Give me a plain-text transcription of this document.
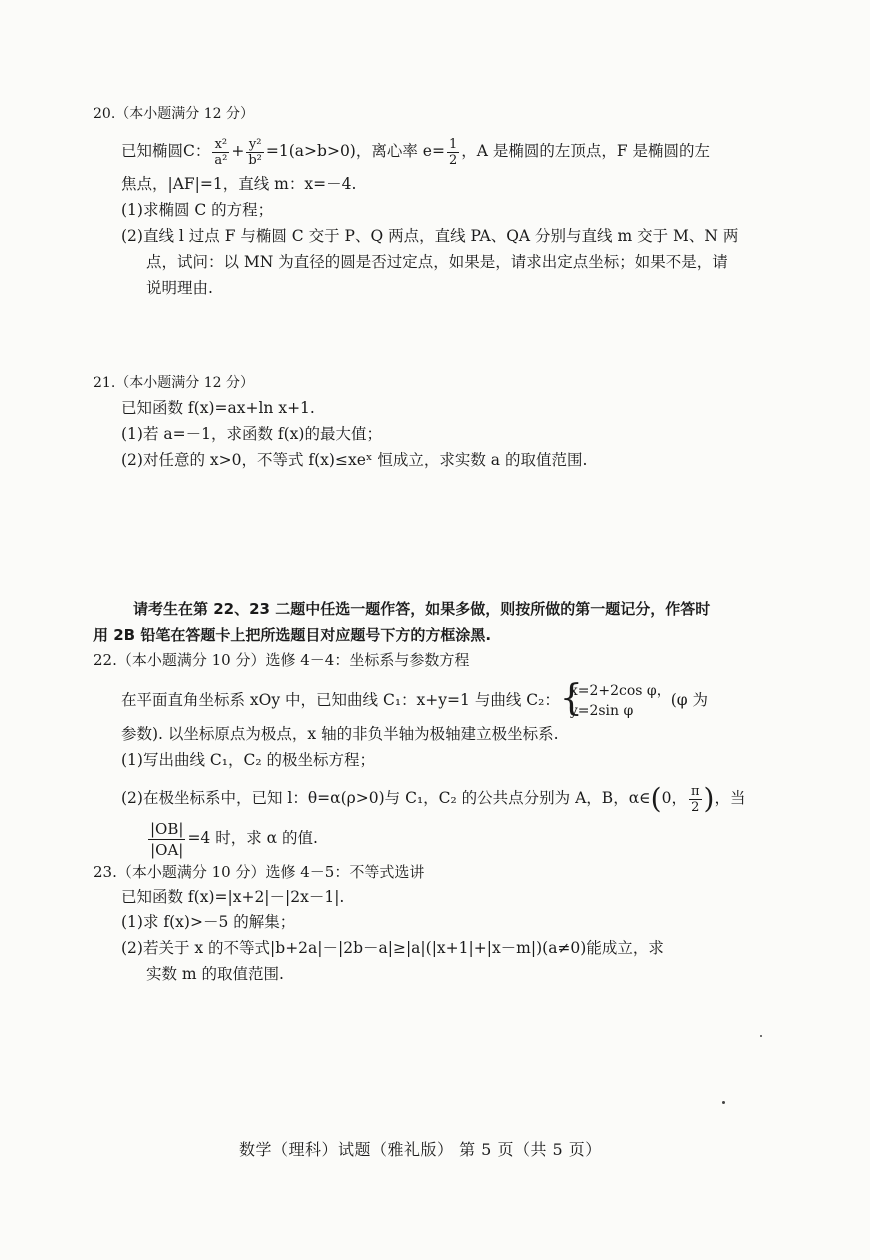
20.（本小题满分 12 分）
已知椭圆C： $\frac{\text{x²}}{\text{a²}} + \frac{\text{y²}}{\text{b²}} =1(a>b>0)$，离心率 $e= \frac{1}{2}$ ，A 是椭圆的左顶点，F 是椭圆的左
焦点，|AF|=1，直线 m：x=－4.
(1)求椭圆 C 的方程；
(2)直线 l 过点 F 与椭圆 C 交于 P、Q 两点，直线 PA、QA 分别与直线 m 交于 M、N 两
点，试问：以 MN 为直径的圆是否过定点，如果是，请求出定点坐标；如果不是，请
说明理由.
21.（本小题满分 12 分）
已知函数 f(x)=ax+ln x+1.
(1)若 a=－1，求函数 f(x)的最大值；
(2)对任意的 x>0，不等式 f(x)≤xeˣ 恒成立，求实数 a 的取值范围.
请考生在第 22、23 二题中任选一题作答，如果多做，则按所做的第一题记分，作答时
用 2B 铅笔在答题卡上把所选题目对应题号下方的方框涂黑.
22.（本小题满分 10 分）选修 4－4：坐标系与参数方程
在平面直角坐标系 xOy 中，已知曲线 C₁：x+y=1 与曲线 C₂： {
x=2+2cos φ，
y=2sin φ
(φ 为
参数). 以坐标原点为极点，x 轴的非负半轴为极轴建立极坐标系.
(1)写出曲线 C₁，C₂ 的极坐标方程；
(2)在极坐标系中，已知 l：θ=α(ρ>0)与 C₁，C₂ 的公共点分别为 A，B，α∈(0， $\frac{\pi}{2}$ )，当
$\frac{|OB|}{|OA|} =4$ 时，求 α 的值.
23.（本小题满分 10 分）选修 4－5：不等式选讲
已知函数 f(x)=|x+2|－|2x－1|.
(1)求 f(x)>－5 的解集；
(2)若关于 x 的不等式|b+2a|－|2b－a|≥|a|(|x+1|+|x－m|)(a≠0)能成立，求
实数 m 的取值范围.
数学（理科）试题（雅礼版） 第 5 页（共 5 页）
